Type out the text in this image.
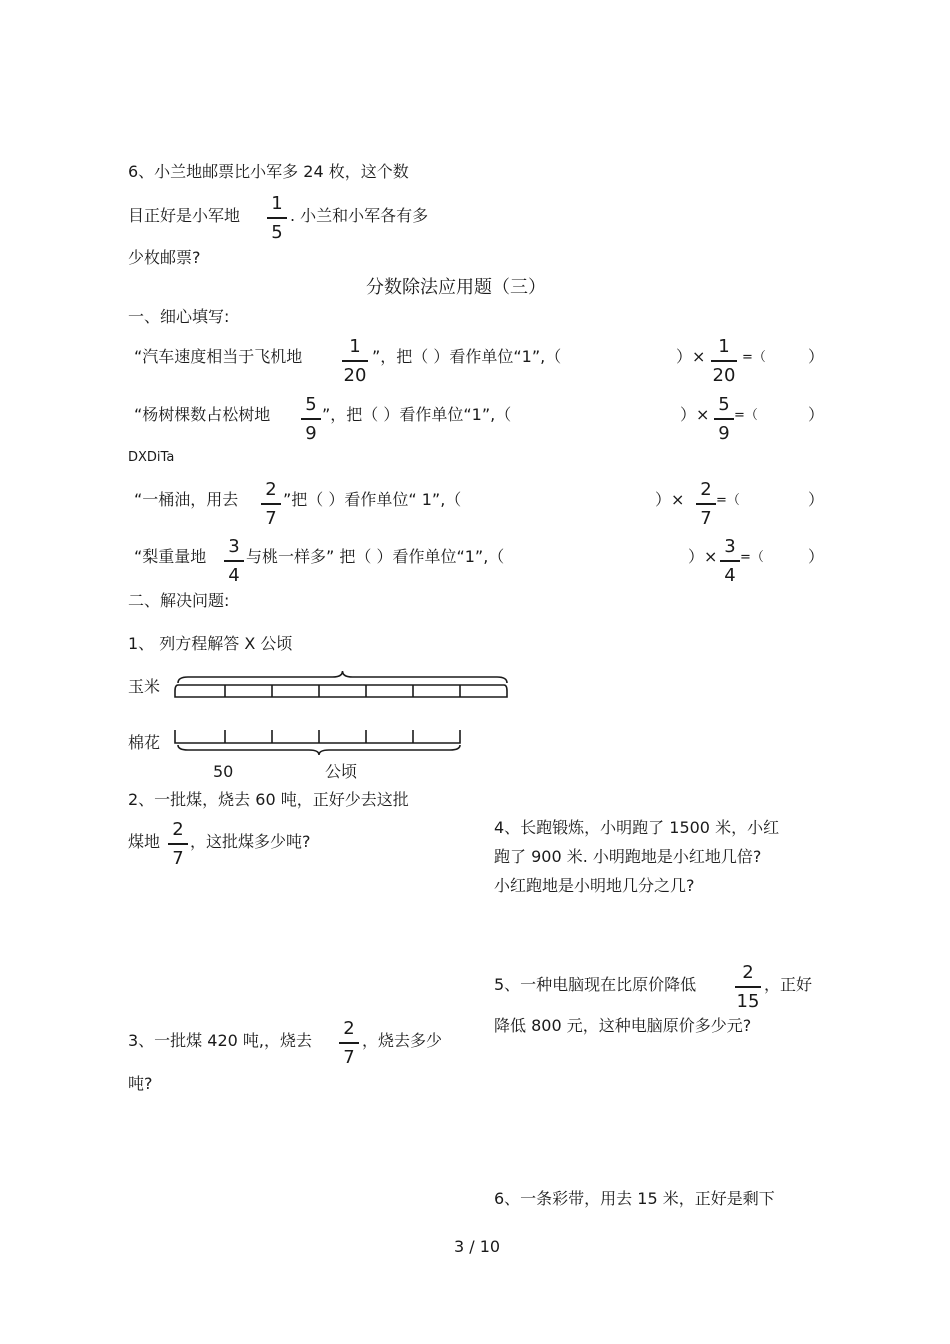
6、小兰地邮票比小军多 24 枚，这个数
目正好是小军地
1
5
. 小兰和小军各有多
少枚邮票?
分数除法应用题（三）
一、细心填写:
“汽车速度相当于飞机地	1
20
”，把（ ）看作单位“1”,（	）× 1
20
=（	）
“杨树棵数占松树地	5
9
”，把（ ）看作单位“1”,（	）× 5
9
=（	）
DXDiTa
“一桶油，用去	2
7
”把（ ）看作单位“ 1”,（	）× 2
7
=（	）
“梨重量地	3
4
与桃一样多” 把（ ）看作单位“1”,（	）× 3
4
=（	）
二、解决问题:
1、 列方程解答 X 公顷
玉米
棉花
50	公顷
2、一批煤，烧去 60 吨，正好少去这批
煤地
2
7
，这批煤多少吨?
3、一批煤 420 吨,，烧去
2
7
，烧去多少
吨?
4、长跑锻炼，小明跑了 1500 米，小红
跑了 900 米. 小明跑地是小红地几倍?
小红跑地是小明地几分之几?
5、一种电脑现在比原价降低
2
15
，正好
降低 800 元，这种电脑原价多少元?
6、一条彩带，用去 15 米，正好是剩下
3 / 10
